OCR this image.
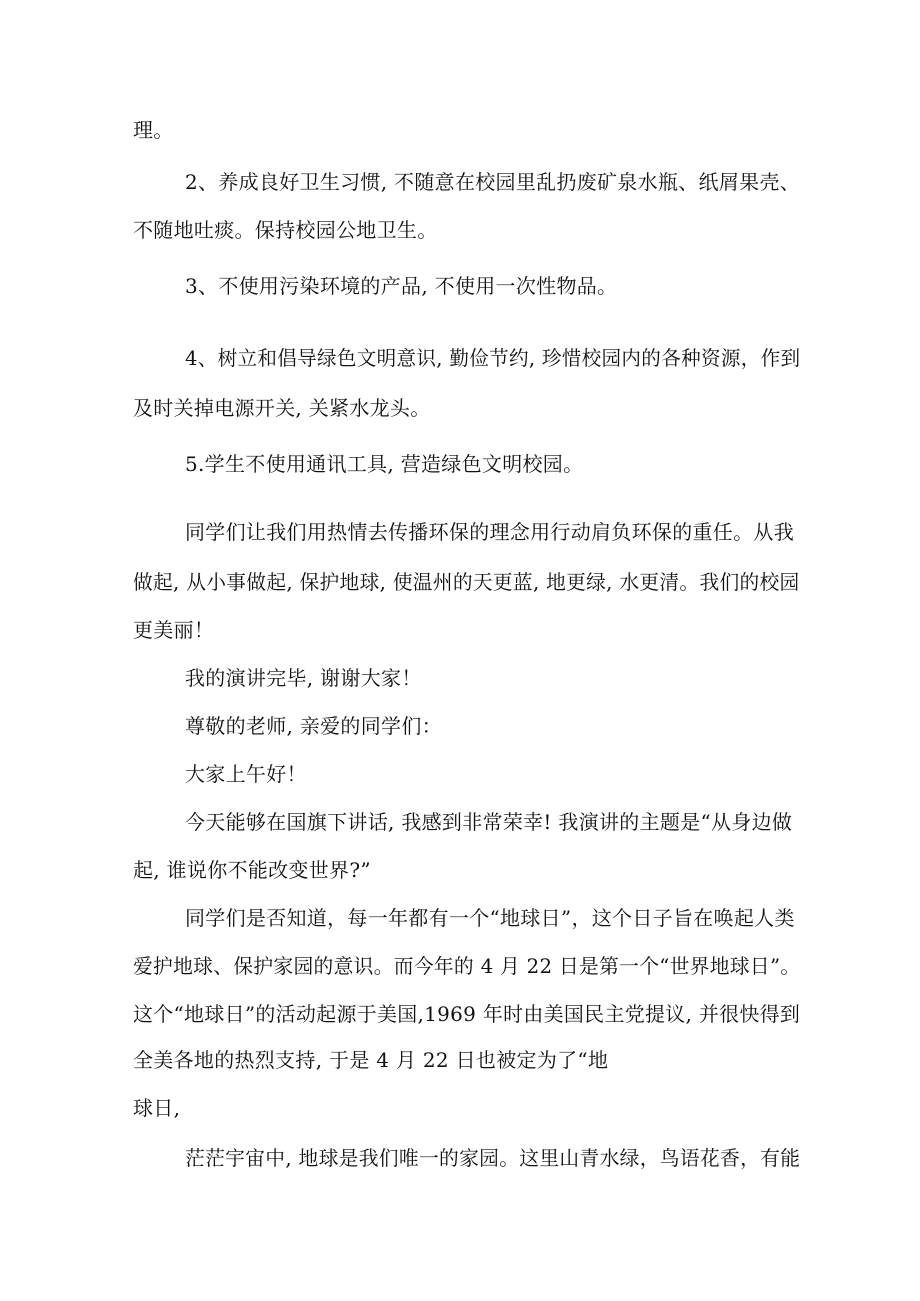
理。
2、养成良好卫生习惯, 不随意在校园里乱扔废矿泉水瓶、纸屑果壳、
不随地吐痰。保持校园公地卫生。
3、不使用污染环境的产品, 不使用一次性物品。
4、树立和倡导绿色文明意识, 勤俭节约, 珍惜校园内的各种资源，作到
及时关掉电源开关, 关紧水龙头。
5.学生不使用通讯工具, 营造绿色文明校园。
同学们让我们用热情去传播环保的理念用行动肩负环保的重任。从我
做起, 从小事做起, 保护地球, 使温州的天更蓝, 地更绿, 水更清。我们的校园
更美丽！
我的演讲完毕, 谢谢大家！
尊敬的老师, 亲爱的同学们：
大家上午好！
今天能够在国旗下讲话, 我感到非常荣幸! 我演讲的主题是“从身边做
起, 谁说你不能改变世界?”
同学们是否知道，每一年都有一个“地球日”，这个日子旨在唤起人类
爱护地球、保护家园的意识。而今年的 4 月 22 日是第一个“世界地球日”。
这个“地球日”的活动起源于美国,1969 年时由美国民主党提议, 并很快得到
全美各地的热烈支持, 于是 4 月 22 日也被定为了“地
球日,
茫茫宇宙中, 地球是我们唯一的家园。这里山青水绿，鸟语花香，有能
